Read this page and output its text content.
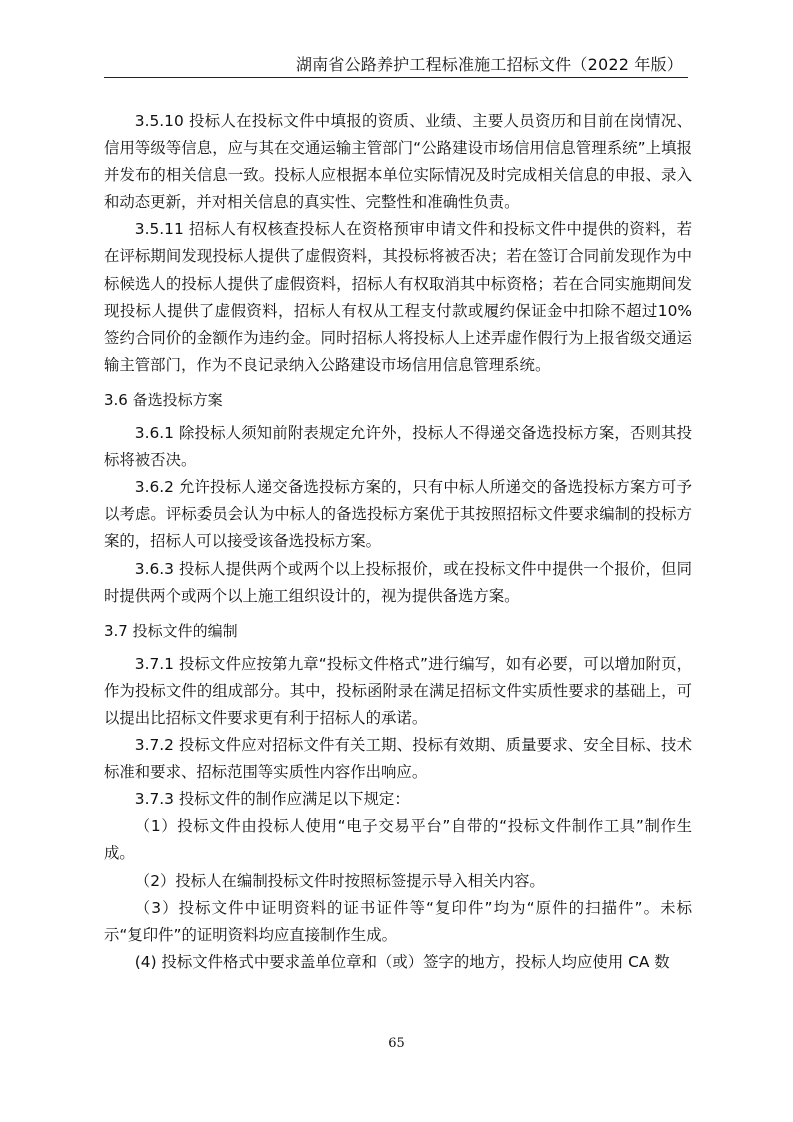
湖南省公路养护工程标准施工招标文件（2022 年版）

3.5.10 投标人在投标文件中填报的资质、业绩、主要人员资历和目前在岗情况、信用等级等信息，应与其在交通运输主管部门“公路建设市场信用信息管理系统”上填报并发布的相关信息一致。投标人应根据本单位实际情况及时完成相关信息的申报、录入和动态更新，并对相关信息的真实性、完整性和准确性负责。

3.5.11 招标人有权核查投标人在资格预审申请文件和投标文件中提供的资料，若在评标期间发现投标人提供了虚假资料，其投标将被否决；若在签订合同前发现作为中标候选人的投标人提供了虚假资料，招标人有权取消其中标资格；若在合同实施期间发现投标人提供了虚假资料，招标人有权从工程支付款或履约保证金中扣除不超过10%签约合同价的金额作为违约金。同时招标人将投标人上述弄虚作假行为上报省级交通运输主管部门，作为不良记录纳入公路建设市场信用信息管理系统。

3.6 备选投标方案

3.6.1 除投标人须知前附表规定允许外，投标人不得递交备选投标方案，否则其投标将被否决。

3.6.2 允许投标人递交备选投标方案的，只有中标人所递交的备选投标方案方可予以考虑。评标委员会认为中标人的备选投标方案优于其按照招标文件要求编制的投标方案的，招标人可以接受该备选投标方案。

3.6.3 投标人提供两个或两个以上投标报价，或在投标文件中提供一个报价，但同时提供两个或两个以上施工组织设计的，视为提供备选方案。

3.7 投标文件的编制

3.7.1 投标文件应按第九章“投标文件格式”进行编写，如有必要，可以增加附页，作为投标文件的组成部分。其中，投标函附录在满足招标文件实质性要求的基础上，可以提出比招标文件要求更有利于招标人的承诺。

3.7.2 投标文件应对招标文件有关工期、投标有效期、质量要求、安全目标、技术标准和要求、招标范围等实质性内容作出响应。

3.7.3 投标文件的制作应满足以下规定：

（1）投标文件由投标人使用“电子交易平台”自带的“投标文件制作工具”制作生成。

（2）投标人在编制投标文件时按照标签提示导入相关内容。

（3）投标文件中证明资料的证书证件等“复印件”均为“原件的扫描件”。未标示“复印件”的证明资料均应直接制作生成。

(4) 投标文件格式中要求盖单位章和（或）签字的地方，投标人均应使用 CA 数

65
